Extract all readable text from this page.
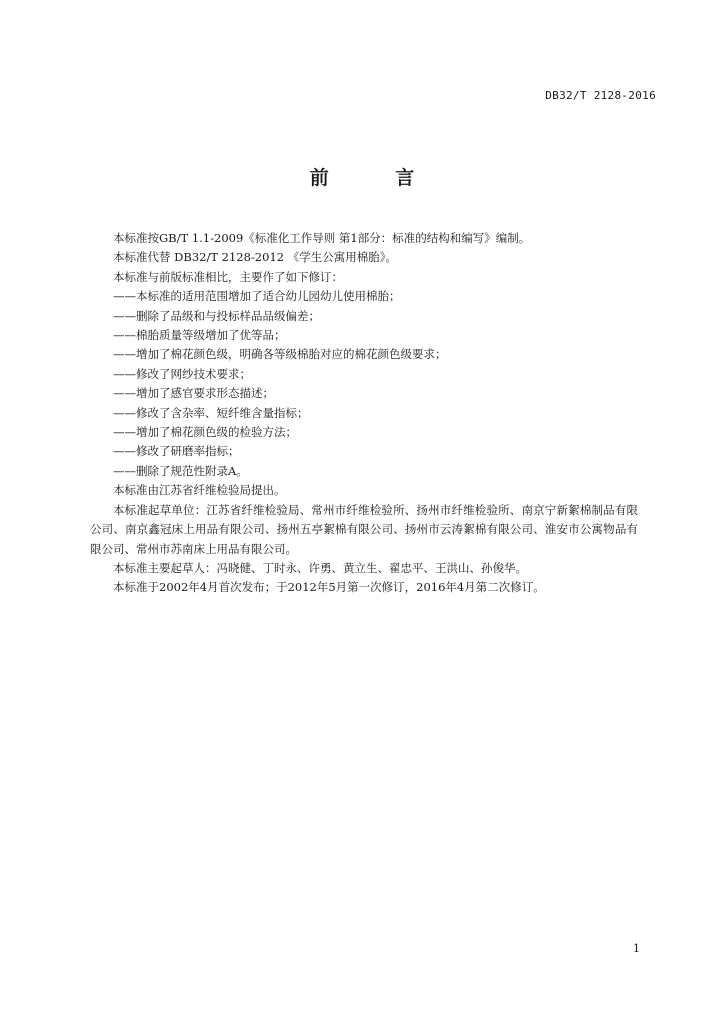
DB32/T 2128-2016
前 言

本标准按GB/T 1.1-2009《标准化工作导则 第1部分：标准的结构和编写》编制。

本标准代替 DB32/T 2128-2012 《学生公寓用棉胎》。

本标准与前版标准相比，主要作了如下修订：

——本标准的适用范围增加了适合幼儿园幼儿使用棉胎；

——删除了品级和与投标样品品级偏差；

——棉胎质量等级增加了优等品；

——增加了棉花颜色级，明确各等级棉胎对应的棉花颜色级要求；

——修改了网纱技术要求；

——增加了感官要求形态描述；

——修改了含杂率、短纤维含量指标；

——增加了棉花颜色级的检验方法；

——修改了研磨率指标；

——删除了规范性附录A。

本标准由江苏省纤维检验局提出。

本标准起草单位：江苏省纤维检验局、常州市纤维检验所、扬州市纤维检验所、南京宁新絮棉制品有限公司、南京鑫冠床上用品有限公司、扬州五亭絮棉有限公司、扬州市云涛絮棉有限公司、淮安市公寓物品有限公司、常州市苏南床上用品有限公司。

本标准主要起草人：冯晓健、丁时永、许勇、黄立生、翟忠平、王洪山、孙俊华。

本标准于2002年4月首次发布；于2012年5月第一次修订，2016年4月第二次修订。

1
